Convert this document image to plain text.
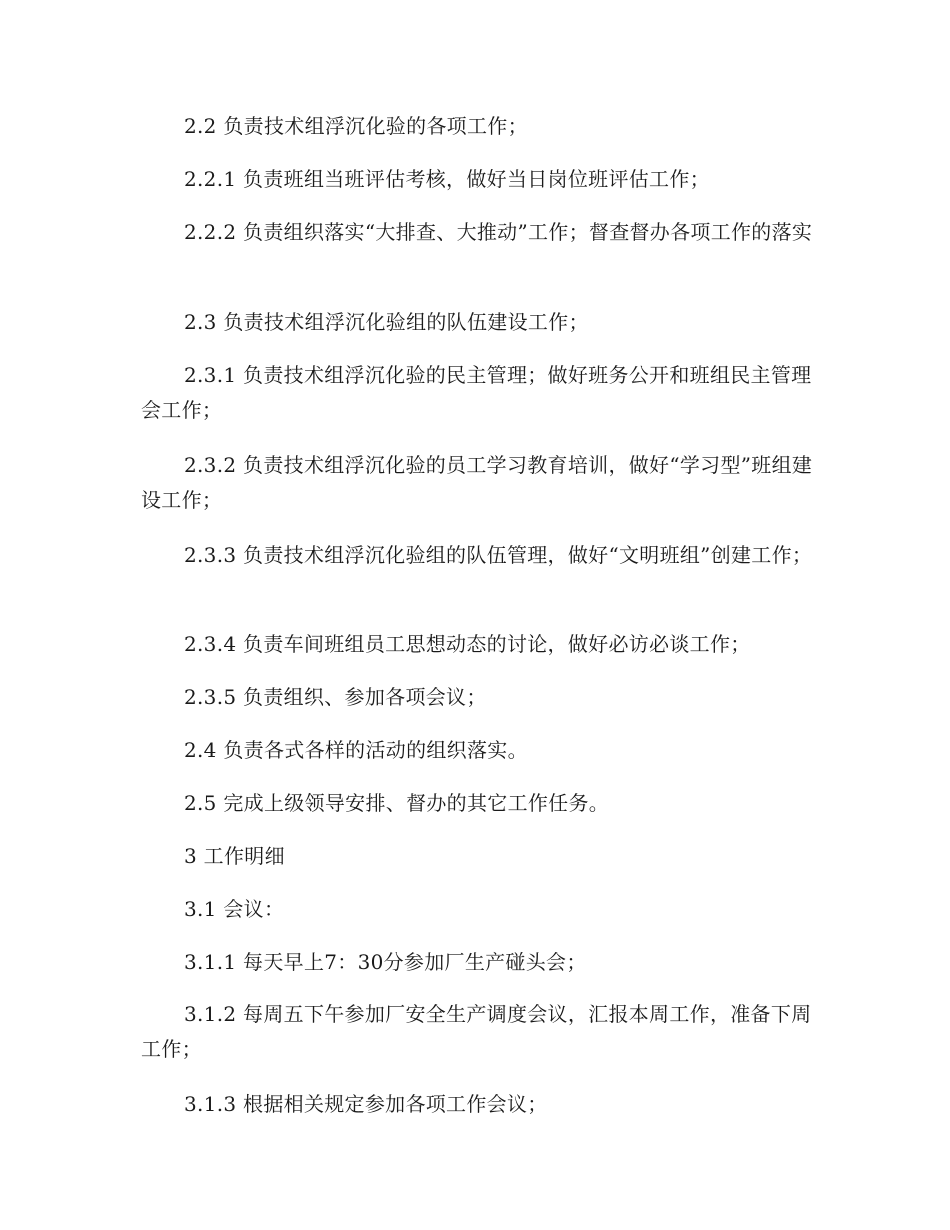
2.2 负责技术组浮沉化验的各项工作；

2.2.1 负责班组当班评估考核，做好当日岗位班评估工作；

2.2.2 负责组织落实“大排查、大推动”工作；督查督办各项工作的落实

2.3 负责技术组浮沉化验组的队伍建设工作；

2.3.1 负责技术组浮沉化验的民主管理；做好班务公开和班组民主管理会工作；

2.3.2 负责技术组浮沉化验的员工学习教育培训，做好“学习型”班组建设工作；

2.3.3 负责技术组浮沉化验组的队伍管理，做好“文明班组”创建工作；

2.3.4 负责车间班组员工思想动态的讨论，做好必访必谈工作；

2.3.5 负责组织、参加各项会议；

2.4 负责各式各样的活动的组织落实。

2.5 完成上级领导安排、督办的其它工作任务。

3 工作明细

3.1 会议：

3.1.1 每天早上7：30分参加厂生产碰头会；

3.1.2 每周五下午参加厂安全生产调度会议，汇报本周工作，准备下周工作；

3.1.3 根据相关规定参加各项工作会议；
